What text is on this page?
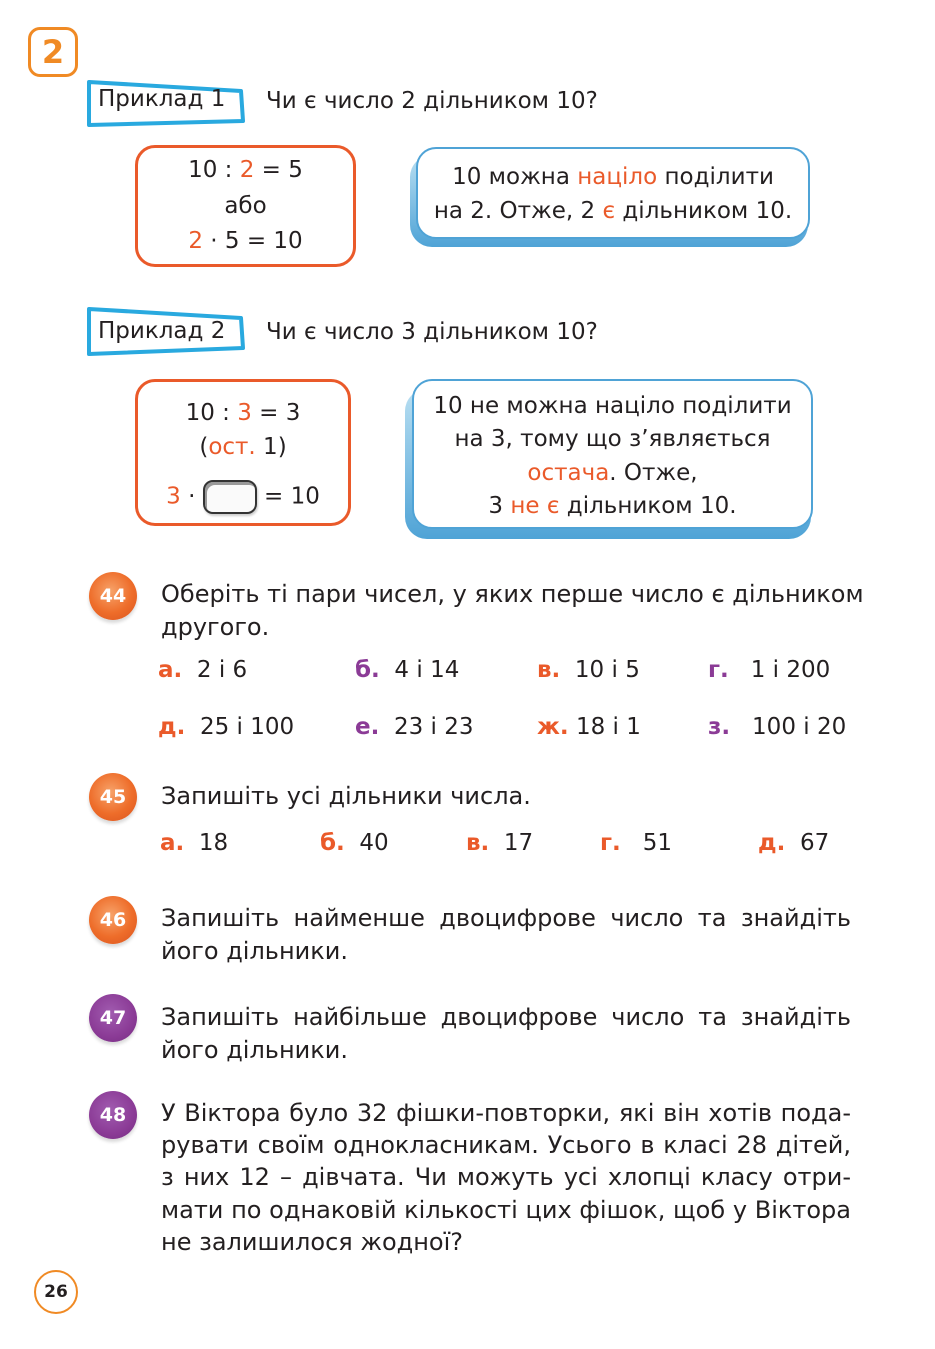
2
Приклад 1 Чи є число 2 дільником 10?
10 : 2 = 5
або
2 · 5 = 10
10 можна націло поділити
на 2. Отже, 2 є дільником 10.
Приклад 2 Чи є число 3 дільником 10?
10 : 3 = 3
(ост. 1)
3 ·  = 10
10 не можна націло поділити
на 3, тому що з’являється
остача. Отже,
3 не є дільником 10.
44	Оберіть ті пари чисел, у яких перше число є дільником
другого.
а. 2 і 6	б. 4 і 14	в. 10 і 5	г. 1 і 200
д. 25 і 100	е. 23 і 23	ж. 18 і 1	з. 100 і 20
45	Запишіть усі дільники числа.
а. 18	б. 40	в. 17	г. 51	д. 67
46	Запишіть найменше двоцифрове число та знайдіть
його дільники.
47	Запишіть найбільше двоцифрове число та знайдіть
його дільники.
48	У Віктора було 32 фішки-повторки, які він хотів пода-
рувати своїм однокласникам. Усього в класі 28 дітей,
з них 12 – дівчата. Чи можуть усі хлопці класу отри-
мати по однаковій кількості цих фішок, щоб у Віктора
не залишилося жодної?
26
